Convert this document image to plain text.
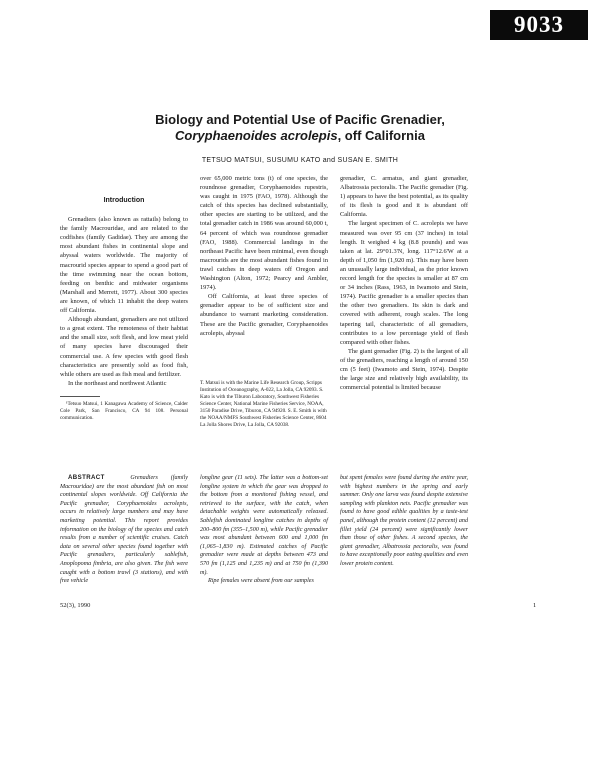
9033
Biology and Potential Use of Pacific Grenadier,
Coryphaenoides acrolepis, off California
TETSUO MATSUI, SUSUMU KATO and SUSAN E. SMITH
Introduction

Grenadiers (also known as rattails) belong to the family Macrouridae, and are related to the codfishes (family Gadidae). They are among the most abundant fishes in continental slope and abyssal waters worldwide. The majority of macrourid species appear to spend a good part of the time swimming near the ocean bottom, feeding on benthic and midwater organisms (Marshall and Merrett, 1977). About 300 species are known, of which 11 inhabit the deep waters off California.

Although abundant, grenadiers are not utilized to a great extent. The remoteness of their habitat and the small size, soft flesh, and low meat yield of many species have discouraged their commercial use. A few species with good flesh characteristics are presently sold as food fish, while others are used as fish meal and fertilizer.

In the northeast and northwest Atlantic

¹Tetsuo Matsui, 1 Kanagawa Academy of Science, Calder Cole Park, San Francisco, CA 94 108. Personal communication.

over 65,000 metric tons (t) of one species, the roundnose grenadier, Coryphaenoides rupestris, was caught in 1975 (FAO, 1978). Although the catch of this species has declined substantially, other species are starting to be utilized, and the total grenadier catch in 1986 was around 60,000 t, 64 percent of which was roundnose grenadier (FAO, 1988). Commercial landings in the northeast Pacific have been minimal, even though macrourids are the most abundant fishes found in trawl catches in deep waters off Oregon and Washington (Alton, 1972; Pearcy and Ambler, 1974).

Off California, at least three species of grenadier appear to be of sufficient size and abundance to warrant marketing consideration. These are the Pacific grenadier, Coryphaenoides acrolepis, abyssal

T. Matsui is with the Marine Life Research Group, Scripps Institution of Oceanography, A-022, La Jolla, CA 92093. S. Kato is with the Tiburon Laboratory, Southwest Fisheries Science Center, National Marine Fisheries Service, NOAA, 3150 Paradise Drive, Tiburon, CA 94920. S. E. Smith is with the NOAA/NMFS Southwest Fisheries Science Center, 8604 La Jolla Shores Drive, La Jolla, CA 92038.

grenadier, C. armatus, and giant grenadier, Albatrossia pectoralis. The Pacific grenadier (Fig. 1) appears to have the best potential, as its quality of its flesh is good and it is abundant off California.

The largest specimen of C. acrolepis we have measured was over 95 cm (37 inches) in total length. It weighed 4 kg (8.8 pounds) and was taken at lat. 29°01.3'N, long. 117°12.6'W at a depth of 1,050 fm (1,920 m). This may have been an unusually large individual, as the prior known record length for the species is smaller at 87 cm or 34 inches (Rass, 1963, in Iwamoto and Stein, 1974). Pacific grenadier is a smaller species than the other two grenadiers. Its skin is dark and covered with adherent, rough scales. The long tapering tail, characteristic of all grenadiers, contributes to a low percentage yield of flesh compared with other fishes.

The giant grenadier (Fig. 2) is the largest of all of the grenadiers, reaching a length of around 150 cm (5 feet) (Iwamoto and Stein, 1974). Despite the large size and relatively high availability, its commercial potential is limited because

ABSTRACT	Grenadiers (family Macrouridae) are the most abundant fish on most continental slopes worldwide. Off California the Pacific grenadier, Coryphaenoides acrolepis, occurs in relatively large numbers and may have marketing potential. This report provides information on the biology of the species and catch results from a number of scientific cruises. Catch data on several other species found together with Pacific grenadiers, particularly sablefish, Anoplopoma fimbria, are also given. The fish were caught with a bottom trawl (3 stations), and with free vehicle

longline gear (11 sets). The latter was a bottom-set longline system in which the gear was dropped to the bottom from a monitored fishing vessel, and retrieved to the surface, with the catch, when detachable weights were automatically released. Sablefish dominated longline catches in depths of 200–800 fm (355–1,500 m), while Pacific grenadier was most abundant between 600 and 1,000 fm (1,065–1,830 m). Estimated catches of Pacific grenadier were made at depths between 473 and 570 fm (1,125 and 1,235 m) and at 750 fm (1,390 m).

Ripe females were absent from our samples

but spent females were found during the entire year, with highest numbers in the spring and early summer. Only one larva was found despite extensive sampling with plankton nets. Pacific grenadier was found to have good edible qualities by a taste-test panel, although the protein content (12 percent) and fillet yield (24 percent) were significantly lower than those of other fishes. A second species, the giant grenadier, Albatrossia pectoralis, was found to have exceptionally poor eating qualities and even lower protein content.

52(3), 1990	1
